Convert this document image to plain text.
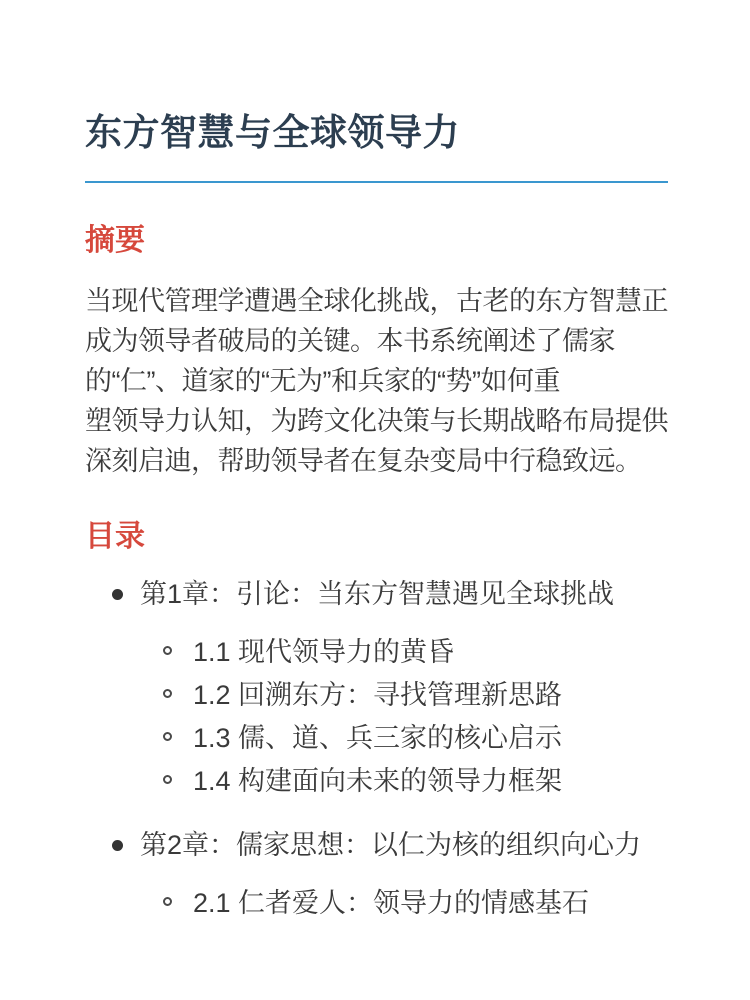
东方智慧与全球领导力
摘要
当现代管理学遭遇全球化挑战，古老的东方智慧正
成为领导者破局的关键。本书系统阐述了儒家
的“仁”、道家的“无为”和兵家的“势”如何重
塑领导力认知，为跨文化决策与长期战略布局提供
深刻启迪，帮助领导者在复杂变局中行稳致远。
目录
第1章：引论：当东方智慧遇见全球挑战
1.1 现代领导力的黄昏
1.2 回溯东方：寻找管理新思路
1.3 儒、道、兵三家的核心启示
1.4 构建面向未来的领导力框架
第2章：儒家思想：以仁为核的组织向心力
2.1 仁者爱人：领导力的情感基石
